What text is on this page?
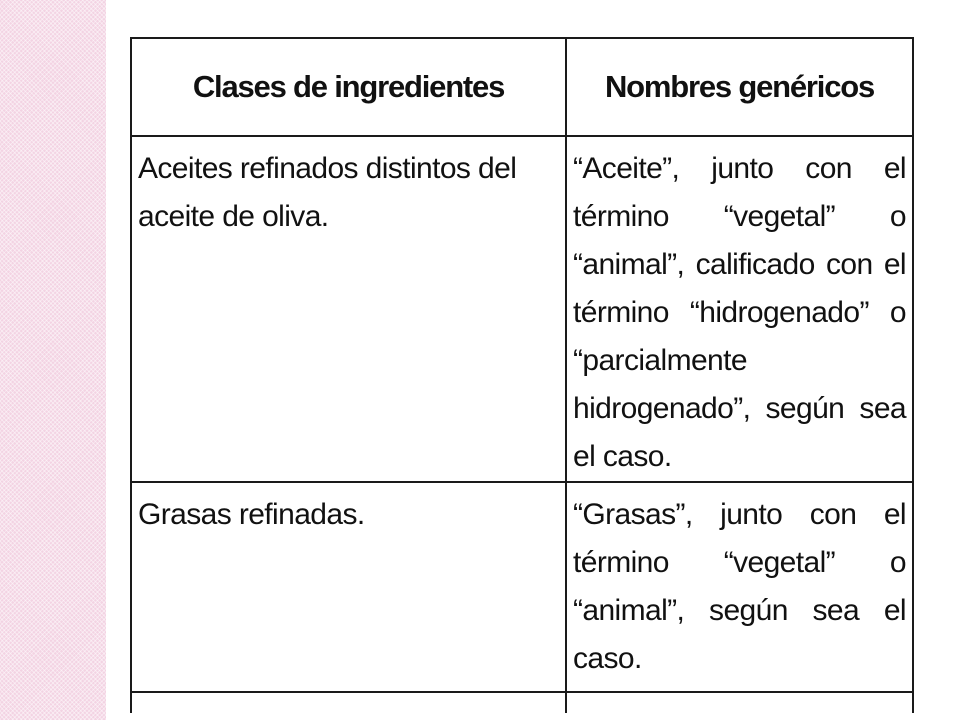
Clases de ingredientes	Nombres genéricos
Aceites refinados distintos del aceite de oliva.	“Aceite”, junto con el término “vegetal” o “animal”, calificado con el término “hidrogenado” o “parcialmente hidrogenado”, según sea el caso.
Grasas refinadas.	“Grasas”, junto con el término “vegetal” o “animal”, según sea el caso.
